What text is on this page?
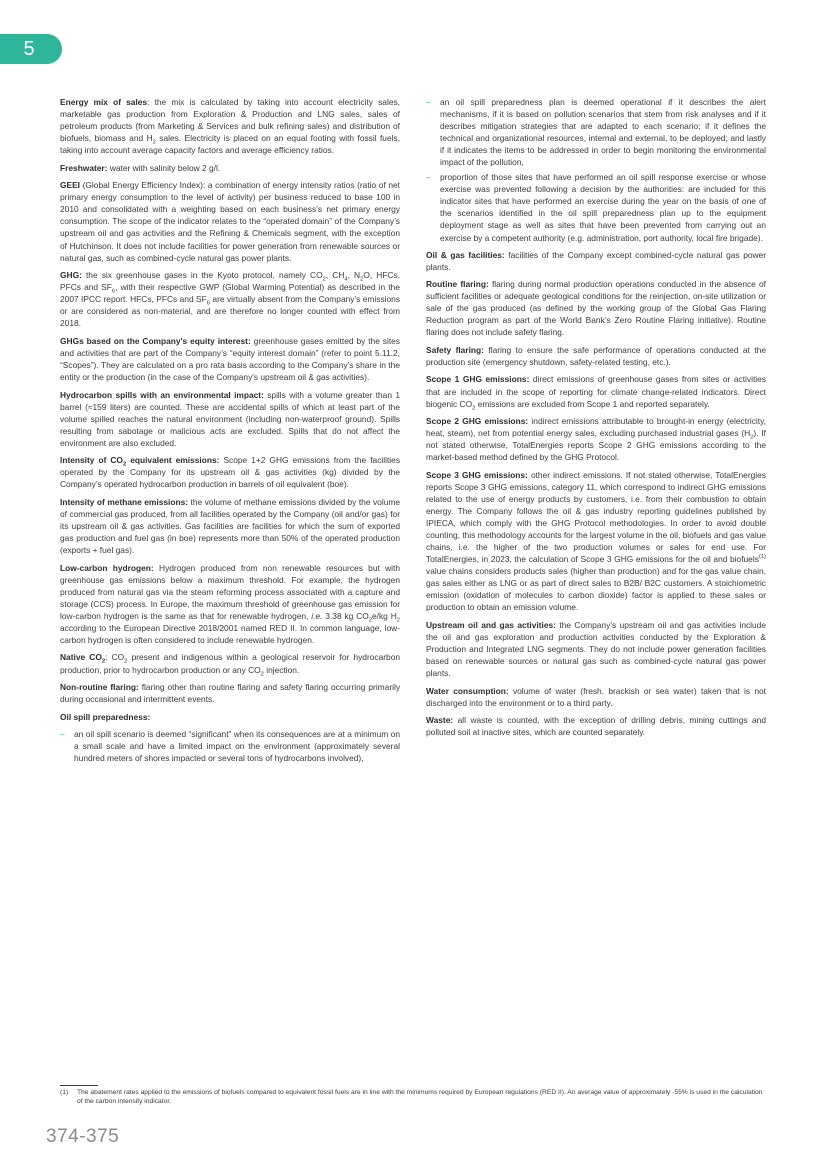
5
Energy mix of sales: the mix is calculated by taking into account electricity sales, marketable gas production from Exploration & Production and LNG sales, sales of petroleum products (from Marketing & Services and bulk refining sales) and distribution of biofuels, biomass and $H_2$ sales. Electricity is placed on an equal footing with fossil fuels, taking into account average capacity factors and average efficiency ratios.
Freshwater: water with salinity below 2 g/l.
GEEI (Global Energy Efficiency Index): a combination of energy intensity ratios (ratio of net primary energy consumption to the level of activity) per business reduced to base 100 in 2010 and consolidated with a weighting based on each business’s net primary energy consumption. The scope of the indicator relates to the “operated domain” of the Company’s upstream oil and gas activities and the Refining & Chemicals segment, with the exception of Hutchinson. It does not include facilities for power generation from renewable sources or natural gas, such as combined-cycle natural gas power plants.
GHG: the six greenhouse gases in the Kyoto protocol, namely $CO_2$, $CH_4$, $N_2O$, HFCs, PFCs and $SF_6$, with their respective GWP (Global Warming Potential) as described in the 2007 IPCC report. HFCs, PFCs and $SF_6$ are virtually absent from the Company’s emissions or are considered as non-material, and are therefore no longer counted with effect from 2018.
GHGs based on the Company's equity interest: greenhouse gases emitted by the sites and activities that are part of the Company’s “equity interest domain” (refer to point 5.11.2, “Scopes”). They are calculated on a pro rata basis according to the Company’s share in the entity or the production (in the case of the Company's upstream oil & gas activities).
Hydrocarbon spills with an environmental impact: spills with a volume greater than 1 barrel (≈159 liters) are counted. These are accidental spills of which at least part of the volume spilled reaches the natural environment (including non-waterproof ground). Spills resulting from sabotage or malicious acts are excluded. Spills that do not affect the environment are also excluded.
Intensity of $CO_2$ equivalent emissions: Scope 1+2 GHG emissions from the facilities operated by the Company for its upstream oil & gas activities (kg) divided by the Company’s operated hydrocarbon production in barrels of oil equivalent (boe).
Intensity of methane emissions: the volume of methane emissions divided by the volume of commercial gas produced, from all facilities operated by the Company (oil and/or gas) for its upstream oil & gas activities. Gas facilities are facilities for which the sum of exported gas production and fuel gas (in boe) represents more than 50% of the operated production (exports + fuel gas).
Low-carbon hydrogen: Hydrogen produced from non renewable resources but with greenhouse gas emissions below a maximum threshold. For example, the hydrogen produced from natural gas via the steam reforming process associated with a capture and storage (CCS) process. In Europe, the maximum threshold of greenhouse gas emission for low-carbon hydrogen is the same as that for renewable hydrogen, i.e. 3.38 kg $CO_2e/kg$ $H_2$ according to the European Directive 2018/2001 named RED II. In common language, low-carbon hydrogen is often considered to include renewable hydrogen.
Native $CO_2$: $CO_2$ present and indigenous within a geological reservoir for hydrocarbon production, prior to hydrocarbon production or any $CO_2$ injection.
Non-routine flaring: flaring other than routine flaring and safety flaring occurring primarily during occasional and intermittent events.
Oil spill preparedness:
– an oil spill scenario is deemed “significant” when its consequences are at a minimum on a small scale and have a limited impact on the environment (approximately several hundred meters of shores impacted or several tons of hydrocarbons involved),
– an oil spill preparedness plan is deemed operational if it describes the alert mechanisms, if it is based on pollution scenarios that stem from risk analyses and if it describes mitigation strategies that are adapted to each scenario; if it defines the technical and organizational resources, internal and external, to be deployed; and lastly if it indicates the items to be addressed in order to begin monitoring the environmental impact of the pollution,
– proportion of those sites that have performed an oil spill response exercise or whose exercise was prevented following a decision by the authorities: are included for this indicator sites that have performed an exercise during the year on the basis of one of the scenarios identified in the oil spill preparedness plan up to the equipment deployment stage as well as sites that have been prevented from carrying out an exercise by a competent authority (e.g. administration, port authority, local fire brigade).
Oil & gas facilities: facilities of the Company except combined-cycle natural gas power plants.
Routine flaring: flaring during normal production operations conducted in the absence of sufficient facilities or adequate geological conditions for the reinjection, on-site utilization or sale of the gas produced (as defined by the working group of the Global Gas Flaring Reduction program as part of the World Bank’s Zero Routine Flaring initiative). Routine flaring does not include safety flaring.
Safety flaring: flaring to ensure the safe performance of operations conducted at the production site (emergency shutdown, safety-related testing, etc.).
Scope 1 GHG emissions: direct emissions of greenhouse gases from sites or activities that are included in the scope of reporting for climate change-related indicators. Direct biogenic $CO_2$ emissions are excluded from Scope 1 and reported separately.
Scope 2 GHG emissions: indirect emissions attributable to brought-in energy (electricity, heat, steam), net from potential energy sales, excluding purchased industrial gases $(H_2)$. If not stated otherwise, TotalEnergies reports Scope 2 GHG emissions according to the market-based method defined by the GHG Protocol.
Scope 3 GHG emissions: other indirect emissions. If not stated otherwise, TotalEnergies reports Scope 3 GHG emissions, category 11, which correspond to indirect GHG emissions related to the use of energy products by customers, i.e. from their combustion to obtain energy. The Company follows the oil & gas industry reporting guidelines published by IPIECA, which comply with the GHG Protocol methodologies. In order to avoid double counting, this methodology accounts for the largest volume in the oil, biofuels and gas value chains, i.e. the higher of the two production volumes or sales for end use. For TotalEnergies, in 2023, the calculation of Scope 3 GHG emissions for the oil and biofuels$^{(1)}$ value chains considers products sales (higher than production) and for the gas value chain, gas sales either as LNG or as part of direct sales to B2B/ B2C customers. A stoichiometric emission (oxidation of molecules to carbon dioxide) factor is applied to these sales or production to obtain an emission volume.
Upstream oil and gas activities: the Company’s upstream oil and gas activities include the oil and gas exploration and production activities conducted by the Exploration & Production and Integrated LNG segments. They do not include power generation facilities based on renewable sources or natural gas such as combined-cycle natural gas power plants.
Water consumption: volume of water (fresh, brackish or sea water) taken that is not discharged into the environment or to a third party.
Waste: all waste is counted, with the exception of drilling debris, mining cuttings and polluted soil at inactive sites, which are counted separately.
(1)	The abatement rates applied to the emissions of biofuels compared to equivalent fossil fuels are in line with the minimums required by European regulations (RED II). An average value of approximately -55% is used in the calculation of the carbon intensity indicator.
374-375
